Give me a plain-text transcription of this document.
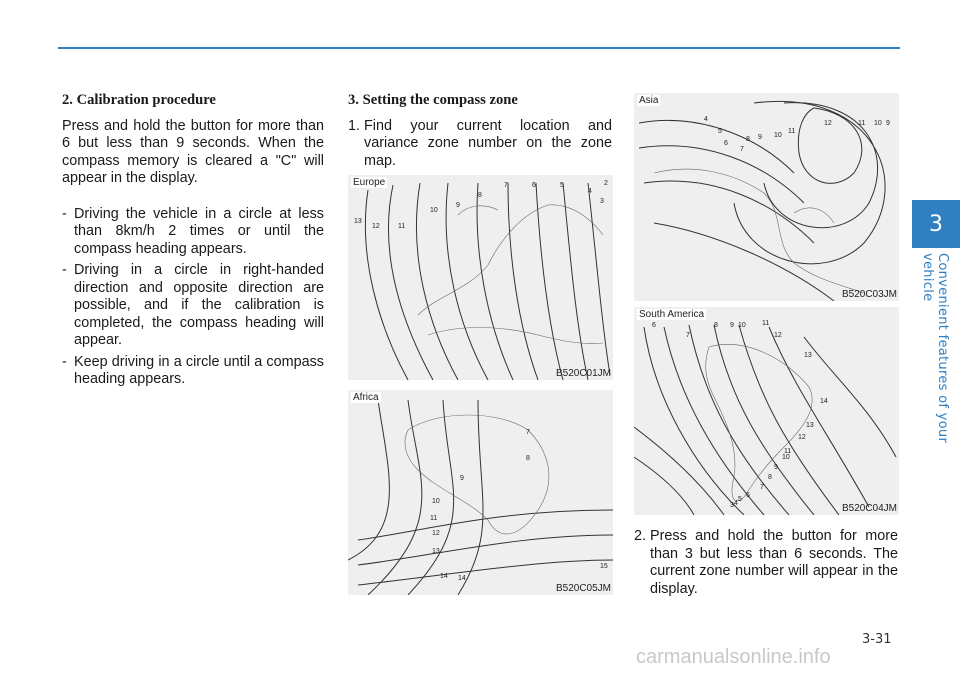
3
Convenient features of your vehicle
2. Calibration procedure

Press and hold the button for more than 6 but less than 9 seconds. When the compass memory is cleared a "C" will appear in the display.

- Driving the vehicle in a circle at less than 8km/h 2 times or until the compass heading appears.
- Driving in a circle in right-handed direction and opposite direction are possible, and if the calibration is completed, the compass heading will appear.
- Keep driving in a circle until a compass heading appears.
3. Setting the compass zone
1. Find your current location and variance zone number on the zone map.
2. Press and hold the button for more than 3 but less than 6 seconds. The current zone number will appear in the display.
13
12	11
10
9
8
7	6	5
4
3
2
Europe
B520C01JM
7
8
9
10
11
12
13
14 14
15
Africa
B520C05JM
4
5
6
7
8 9 10
11
12	11 10 9
Asia
B520C03JM
6
7
8 9 10 11
12
13
14
13
12
11
10
9
8
7
6
5
4
3
South America
B520C04JM
3-31
carmanualsonline.info
